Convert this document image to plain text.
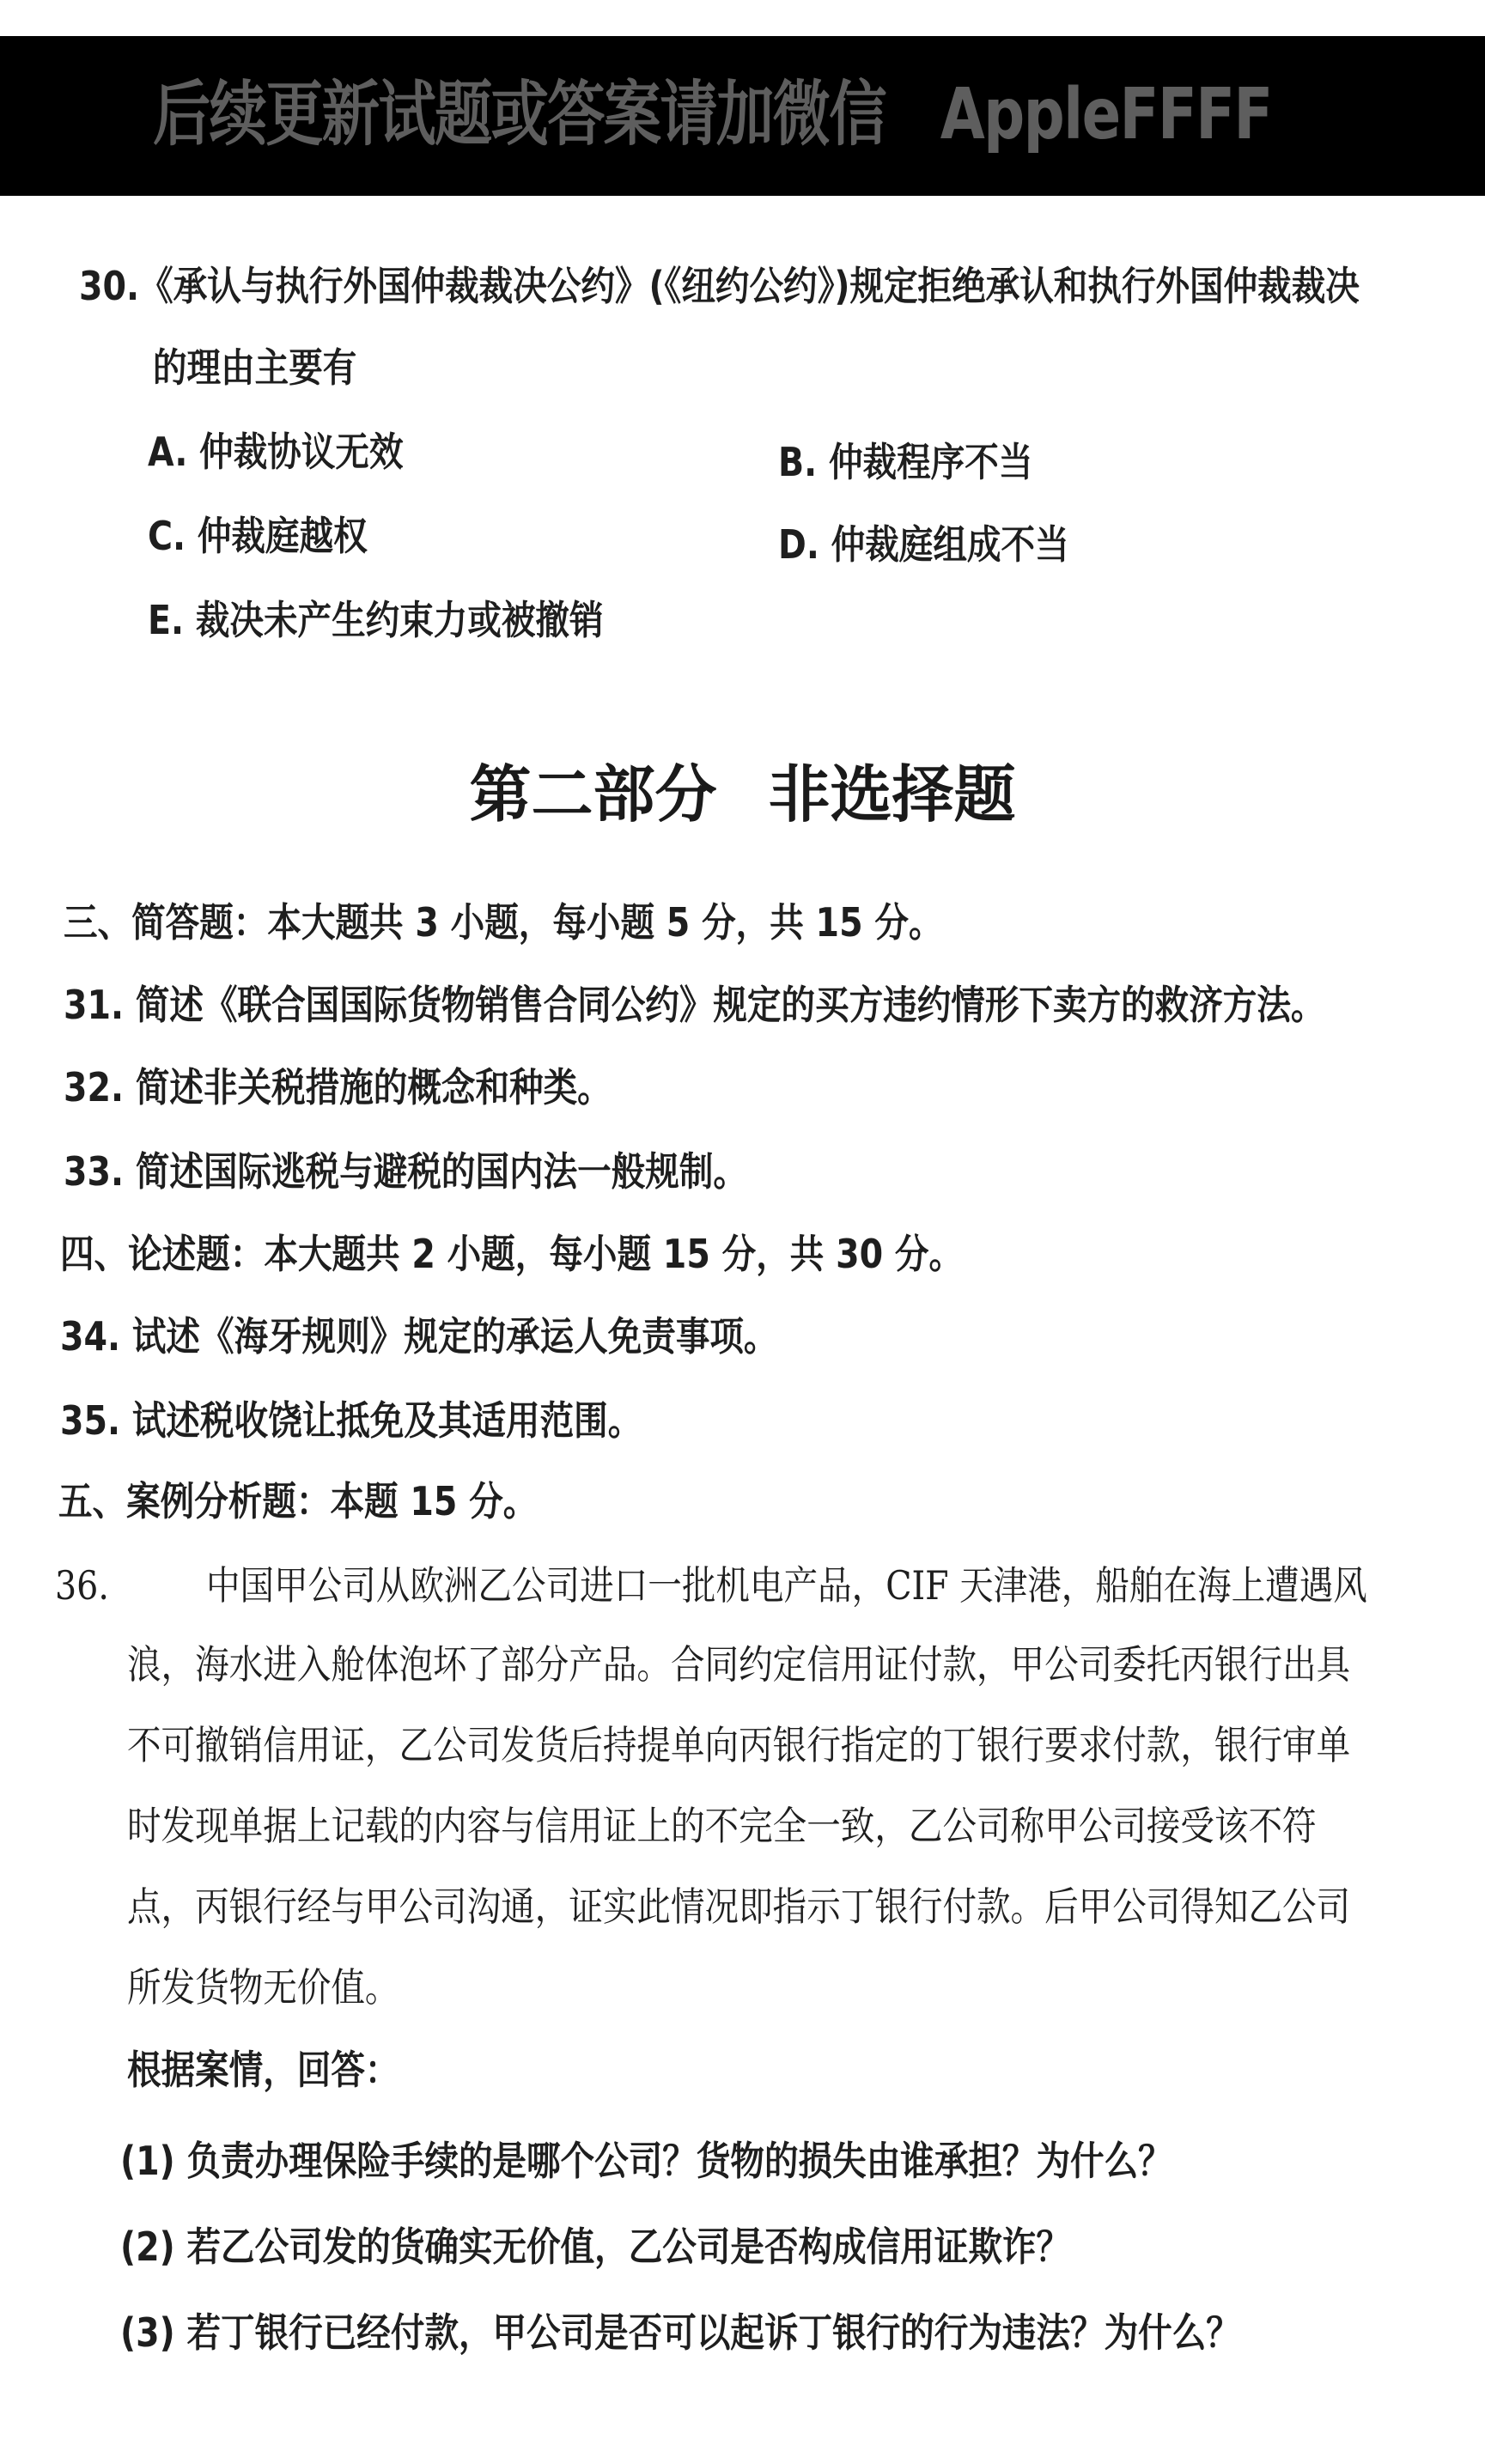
后续更新试题或答案请加微信 AppleFFFF
30.《承认与执行外国仲裁裁决公约》(《纽约公约》)规定拒绝承认和执行外国仲裁裁决
的理由主要有
A. 仲裁协议无效	B. 仲裁程序不当
C. 仲裁庭越权	D. 仲裁庭组成不当
E. 裁决未产生约束力或被撤销
第二部分 非选择题
三、简答题：本大题共 3 小题，每小题 5 分，共 15 分。
31. 简述《联合国国际货物销售合同公约》规定的买方违约情形下卖方的救济方法。
32. 简述非关税措施的概念和种类。
33. 简述国际逃税与避税的国内法一般规制。
四、论述题：本大题共 2 小题，每小题 15 分，共 30 分。
34. 试述《海牙规则》规定的承运人免责事项。
35. 试述税收饶让抵免及其适用范围。
五、案例分析题：本题 15 分。
36. 中国甲公司从欧洲乙公司进口一批机电产品，CIF 天津港，船舶在海上遭遇风
浪，海水进入舱体泡坏了部分产品。合同约定信用证付款，甲公司委托丙银行出具
不可撤销信用证，乙公司发货后持提单向丙银行指定的丁银行要求付款，银行审单
时发现单据上记载的内容与信用证上的不完全一致，乙公司称甲公司接受该不符
点，丙银行经与甲公司沟通，证实此情况即指示丁银行付款。后甲公司得知乙公司
所发货物无价值。
根据案情，回答：
(1) 负责办理保险手续的是哪个公司？货物的损失由谁承担？为什么？
(2) 若乙公司发的货确实无价值，乙公司是否构成信用证欺诈？
(3) 若丁银行已经付款，甲公司是否可以起诉丁银行的行为违法？为什么？
